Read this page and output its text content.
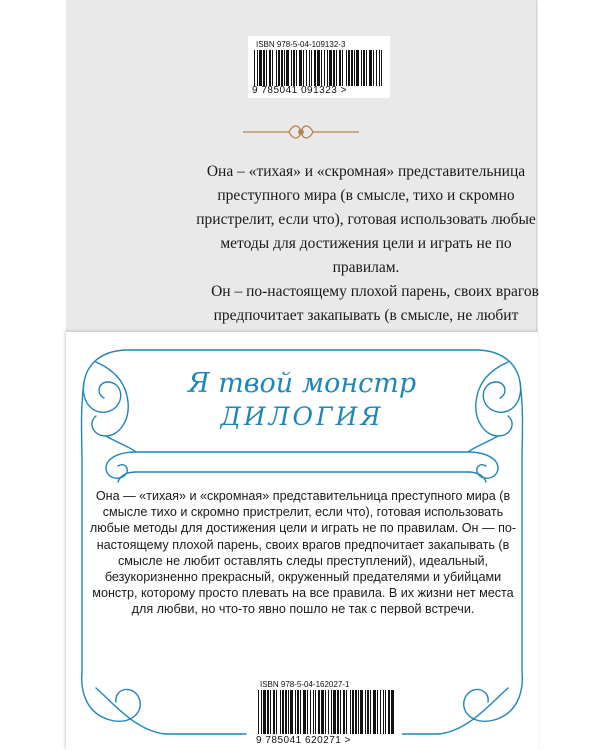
ISBN 978-5-04-109132-3
9 785041 091323 >

Она – «тихая» и «скромная» представительница преступного мира (в смысле, тихо и скромно пристрелит, если что), готовая использовать любые методы для достижения цели и играть не по правилам.

Он – по-настоящему плохой парень, своих врагов предпочитает закапывать (в смысле, не любит

Я твой монстр
ДИЛОГИЯ

Она — «тихая» и «скромная» представительница преступного мира (в смысле тихо и скромно пристрелит, если что), готовая использовать любые методы для достижения цели и играть не по правилам. Он — по-настоящему плохой парень, своих врагов предпочитает закапывать (в смысле не любит оставлять следы преступлений), идеальный, безукоризненно прекрасный, окруженный предателями и убийцами монстр, которому просто плевать на все правила. В их жизни нет места для любви, но что-то явно пошло не так с первой встречи.

ISBN 978-5-04-162027-1
9 785041 620271 >
